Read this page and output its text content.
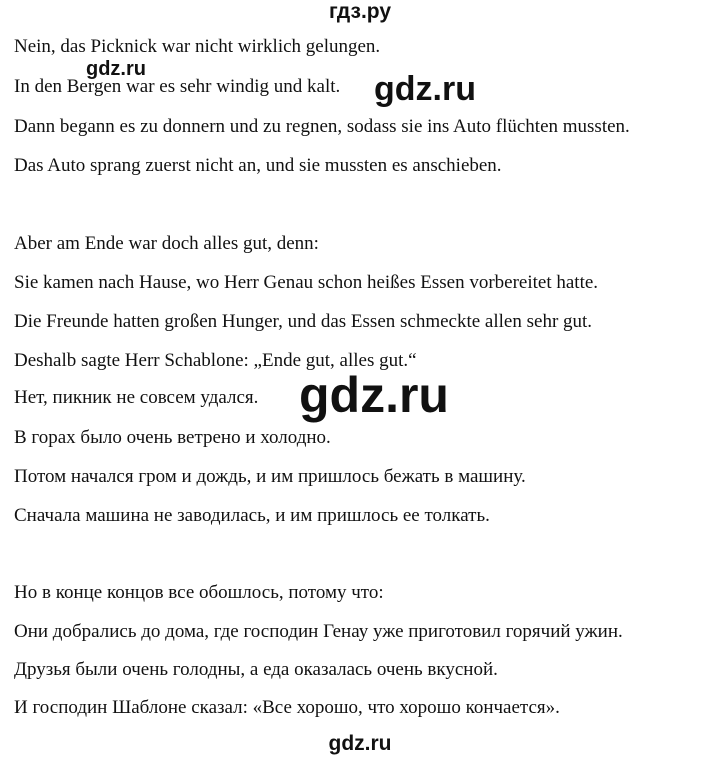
гдз.ру
Nein, das Picknick war nicht wirklich gelungen.
In den Bergen war es sehr windig und kalt.
Dann begann es zu donnern und zu regnen, sodass sie ins Auto flüchten mussten.
Das Auto sprang zuerst nicht an, und sie mussten es anschieben.
Aber am Ende war doch alles gut, denn:
Sie kamen nach Hause, wo Herr Genau schon heißes Essen vorbereitet hatte.
Die Freunde hatten großen Hunger, und das Essen schmeckte allen sehr gut.
Deshalb sagte Herr Schablone: „Ende gut, alles gut.“
Нет, пикник не совсем удался.
В горах было очень ветрено и холодно.
Потом начался гром и дождь, и им пришлось бежать в машину.
Сначала машина не заводилась, и им пришлось ее толкать.
Но в конце концов все обошлось, потому что:
Они добрались до дома, где господин Генау уже приготовил горячий ужин.
Друзья были очень голодны, а еда оказалась очень вкусной.
И господин Шаблоне сказал: «Все хорошо, что хорошо кончается».
gdz.ru
gdz.ru
gdz.ru
gdz.ru
